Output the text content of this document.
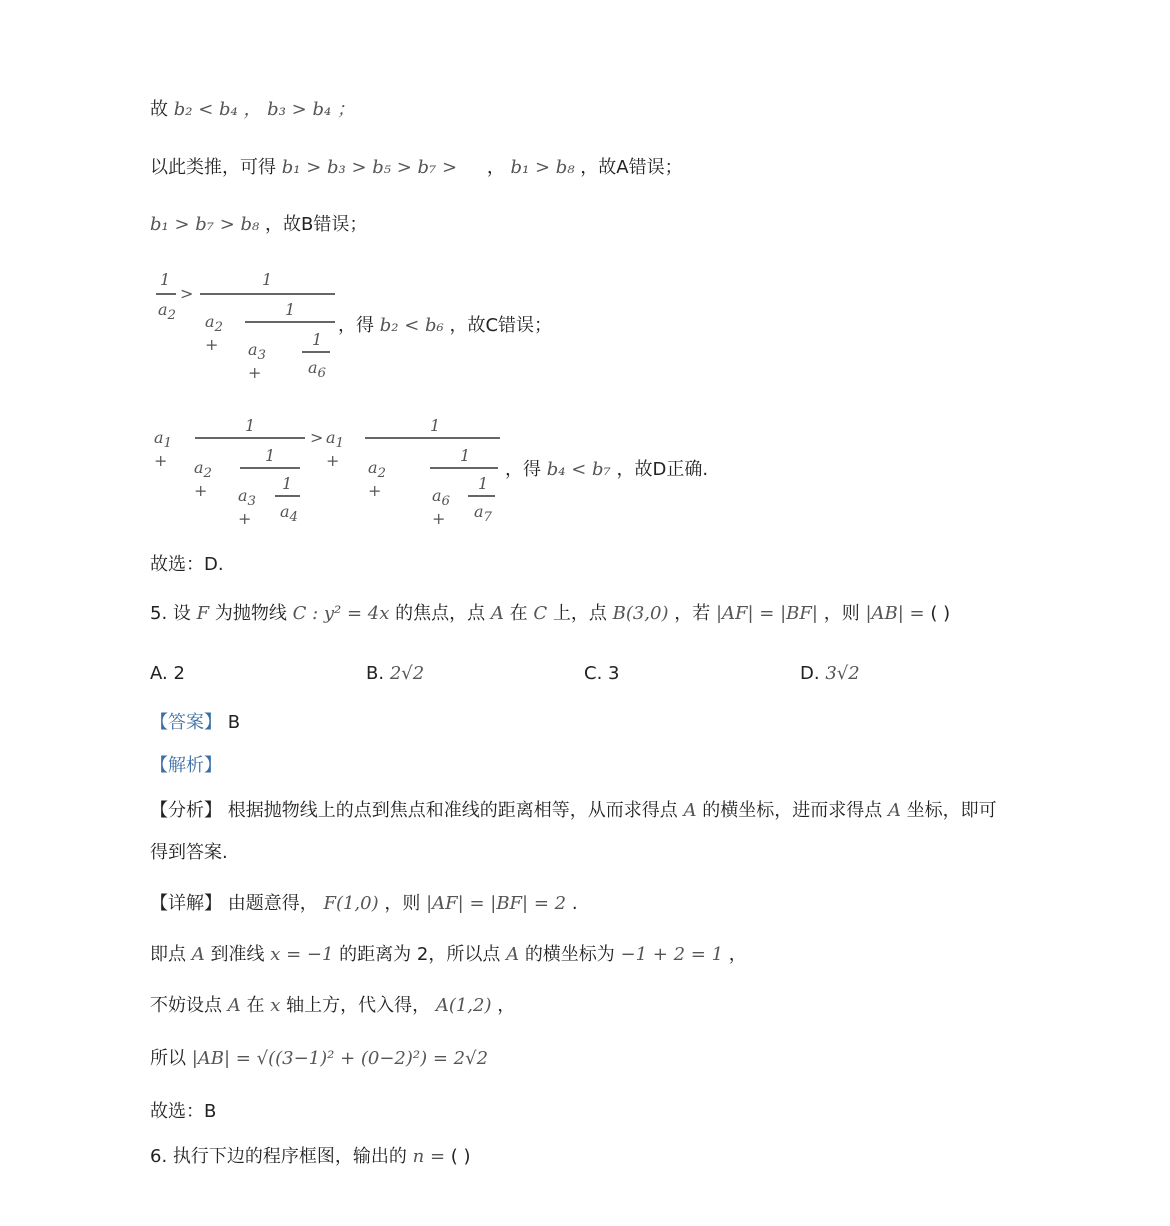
故 b₂ < b₄ ， b₃ > b₄ ；
以此类推，可得 b₁ > b₃ > b₅ > b₇ > ， b₁ > b₈ ，故A错误；
b₁ > b₇ > b₈ ，故B错误；
1
$a_2$
>
1
$a_2$ +
1
$a_3$ +
1
$a_6$
，得 b₂ < b₆ ，故C错误；
$a_1$ +
1
$a_2$ +
1
$a_3$ +
1
$a_4$
> $a_1$ +
1
$a_2$ +
1
$a_6$ +
1
$a_7$
，得 b₄ < b₇ ，故D正确.
故选：D.
5. 设 F 为抛物线 C : y² = 4x 的焦点，点 A 在 C 上，点 B(3,0) ，若 |AF| = |BF| ，则 |AB| = ( )
A. 2	B. 2√2	C. 3	D. 3√2
【答案】 B
【解析】
【分析】 根据抛物线上的点到焦点和准线的距离相等，从而求得点 A 的横坐标，进而求得点 A 坐标，即可
得到答案.
【详解】 由题意得， F(1,0) ，则 |AF| = |BF| = 2 .
即点 A 到准线 x = −1 的距离为 2，所以点 A 的横坐标为 −1 + 2 = 1 ，
不妨设点 A 在 x 轴上方，代入得， A(1,2) ，
所以 |AB| = √((3−1)² + (0−2)²) = 2√2
故选：B
6. 执行下边的程序框图，输出的 n = ( )
